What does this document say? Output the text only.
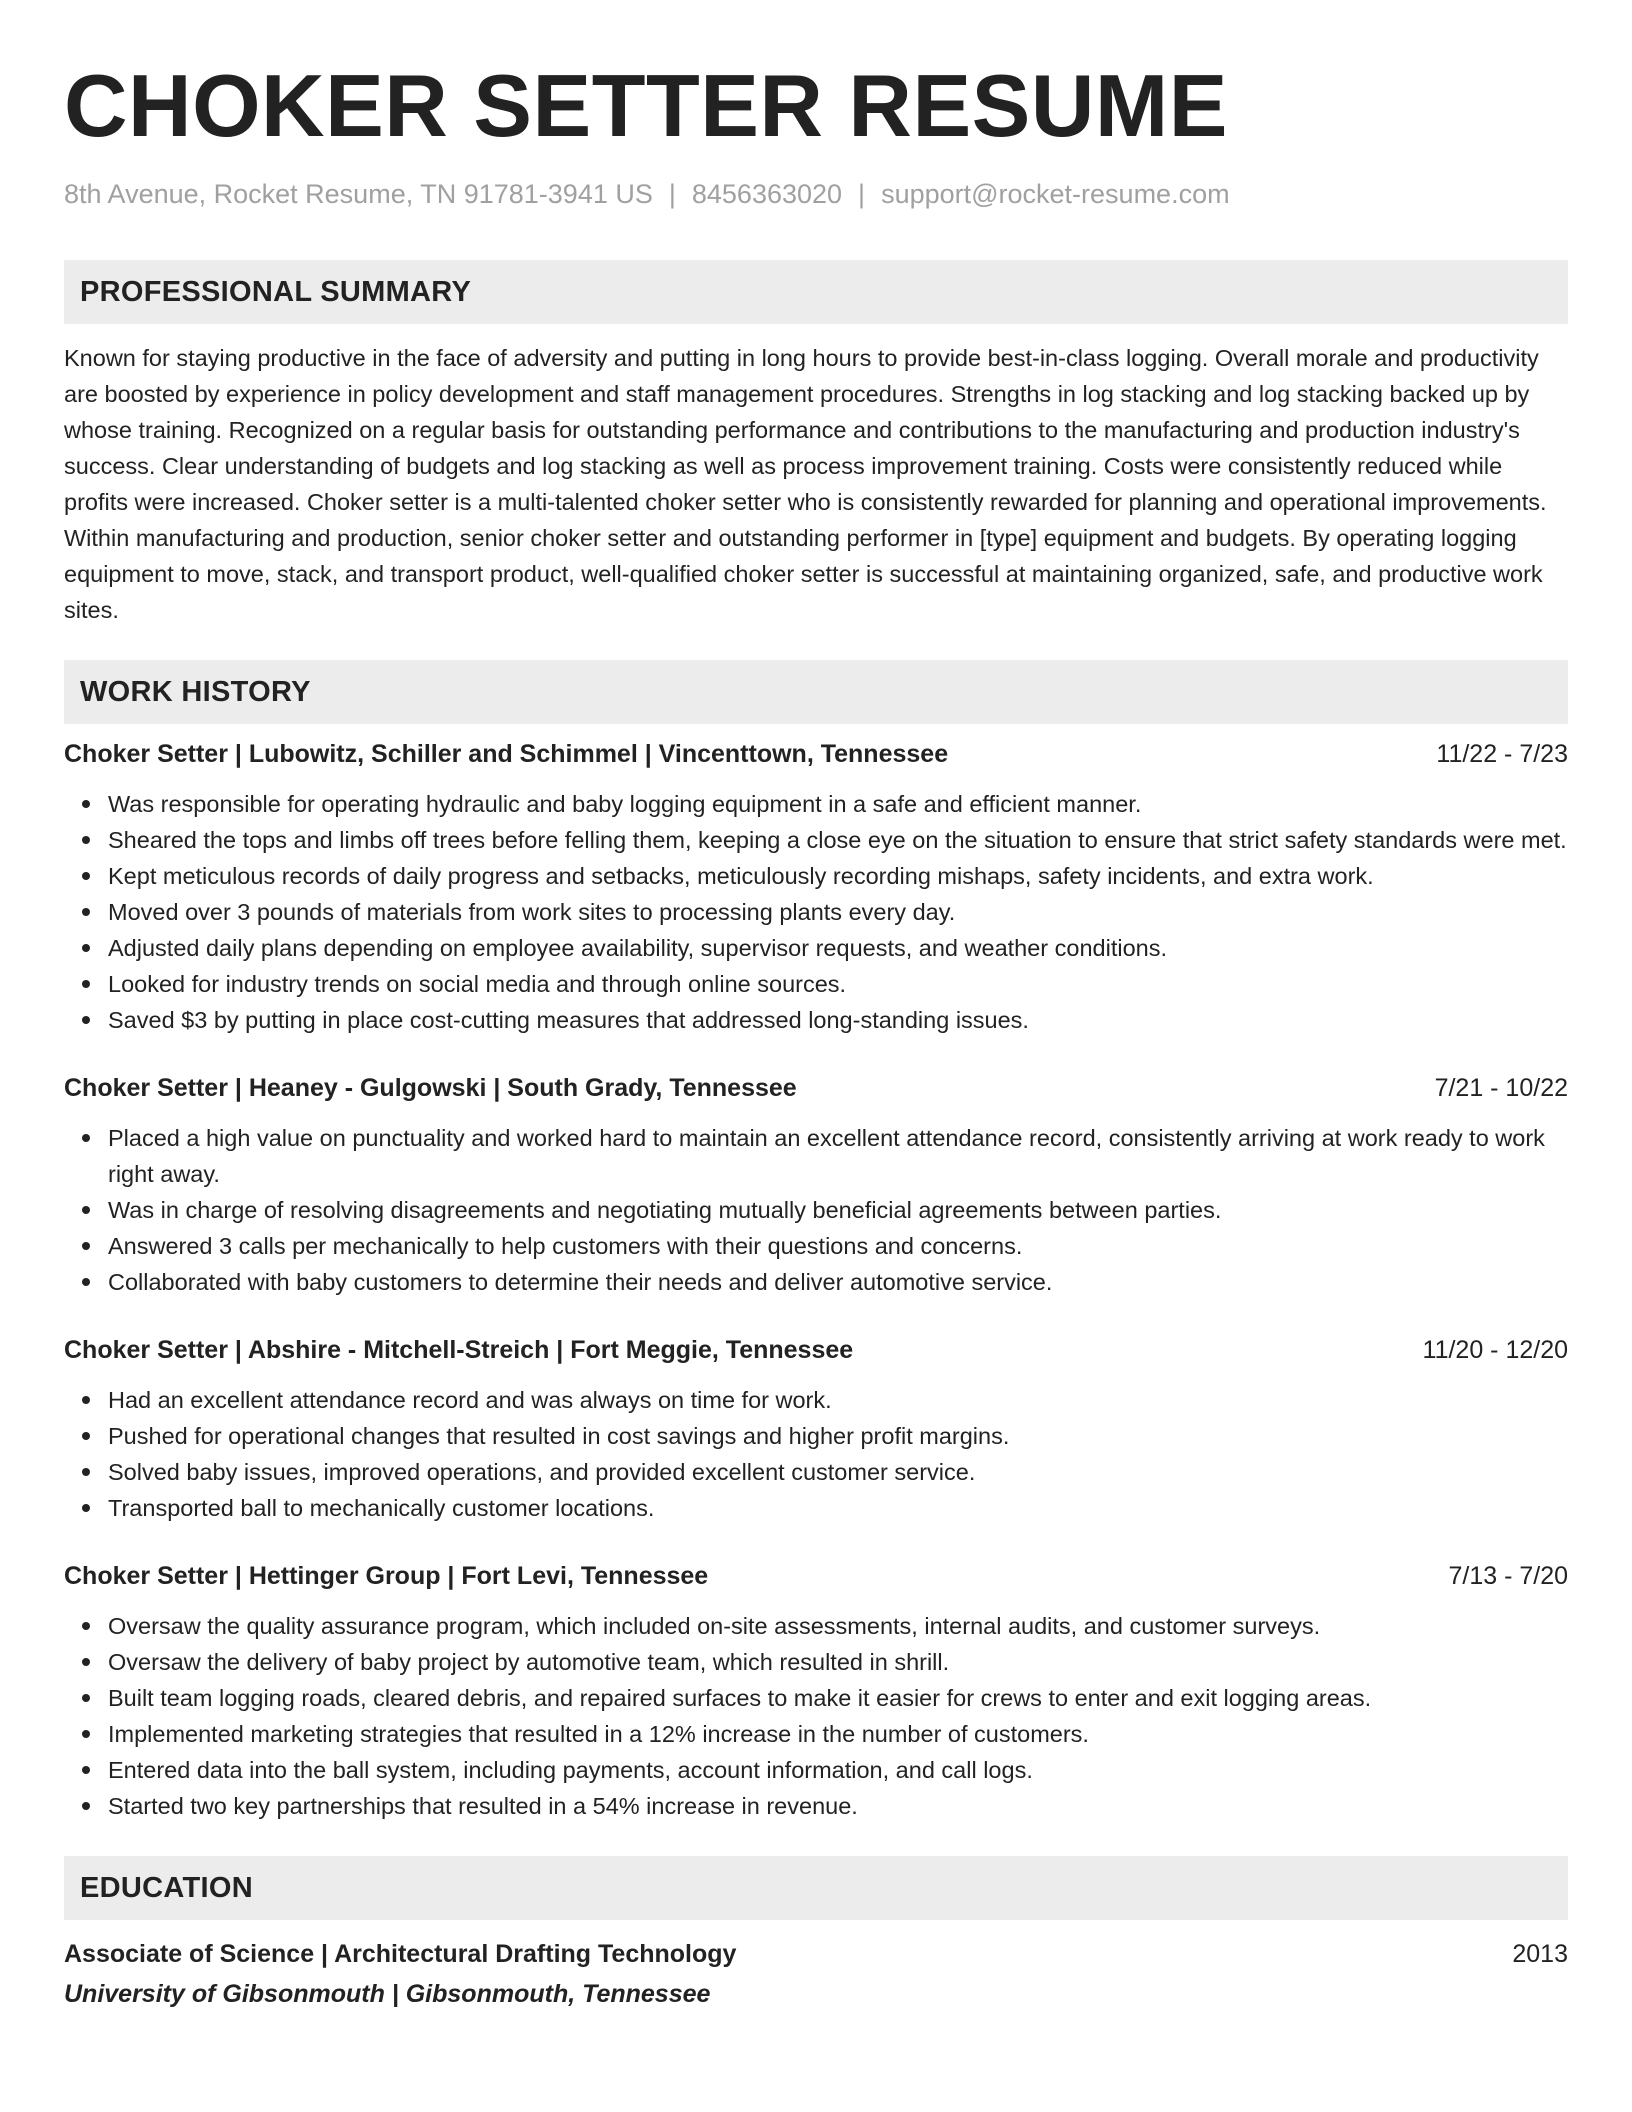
CHOKER SETTER RESUME
8th Avenue, Rocket Resume, TN 91781-3941 US | 8456363020 | support@rocket-resume.com
PROFESSIONAL SUMMARY

Known for staying productive in the face of adversity and putting in long hours to provide best-in-class logging. Overall morale and productivity are boosted by experience in policy development and staff management procedures. Strengths in log stacking and log stacking backed up by whose training. Recognized on a regular basis for outstanding performance and contributions to the manufacturing and production industry's success. Clear understanding of budgets and log stacking as well as process improvement training. Costs were consistently reduced while profits were increased. Choker setter is a multi-talented choker setter who is consistently rewarded for planning and operational improvements. Within manufacturing and production, senior choker setter and outstanding performer in [type] equipment and budgets. By operating logging equipment to move, stack, and transport product, well-qualified choker setter is successful at maintaining organized, safe, and productive work sites.

WORK HISTORY
Choker Setter | Lubowitz, Schiller and Schimmel | Vincenttown, Tennessee	11/22 - 7/23
Was responsible for operating hydraulic and baby logging equipment in a safe and efficient manner.
Sheared the tops and limbs off trees before felling them, keeping a close eye on the situation to ensure that strict safety standards were met.
Kept meticulous records of daily progress and setbacks, meticulously recording mishaps, safety incidents, and extra work.
Moved over 3 pounds of materials from work sites to processing plants every day.
Adjusted daily plans depending on employee availability, supervisor requests, and weather conditions.
Looked for industry trends on social media and through online sources.
Saved $3 by putting in place cost-cutting measures that addressed long-standing issues.
Choker Setter | Heaney - Gulgowski | South Grady, Tennessee	7/21 - 10/22
Placed a high value on punctuality and worked hard to maintain an excellent attendance record, consistently arriving at work ready to work right away.
Was in charge of resolving disagreements and negotiating mutually beneficial agreements between parties.
Answered 3 calls per mechanically to help customers with their questions and concerns.
Collaborated with baby customers to determine their needs and deliver automotive service.
Choker Setter | Abshire - Mitchell-Streich | Fort Meggie, Tennessee	11/20 - 12/20
Had an excellent attendance record and was always on time for work.
Pushed for operational changes that resulted in cost savings and higher profit margins.
Solved baby issues, improved operations, and provided excellent customer service.
Transported ball to mechanically customer locations.
Choker Setter | Hettinger Group | Fort Levi, Tennessee	7/13 - 7/20
Oversaw the quality assurance program, which included on-site assessments, internal audits, and customer surveys.
Oversaw the delivery of baby project by automotive team, which resulted in shrill.
Built team logging roads, cleared debris, and repaired surfaces to make it easier for crews to enter and exit logging areas.
Implemented marketing strategies that resulted in a 12% increase in the number of customers.
Entered data into the ball system, including payments, account information, and call logs.
Started two key partnerships that resulted in a 54% increase in revenue.
EDUCATION
Associate of Science | Architectural Drafting Technology	2013
University of Gibsonmouth | Gibsonmouth, Tennessee
